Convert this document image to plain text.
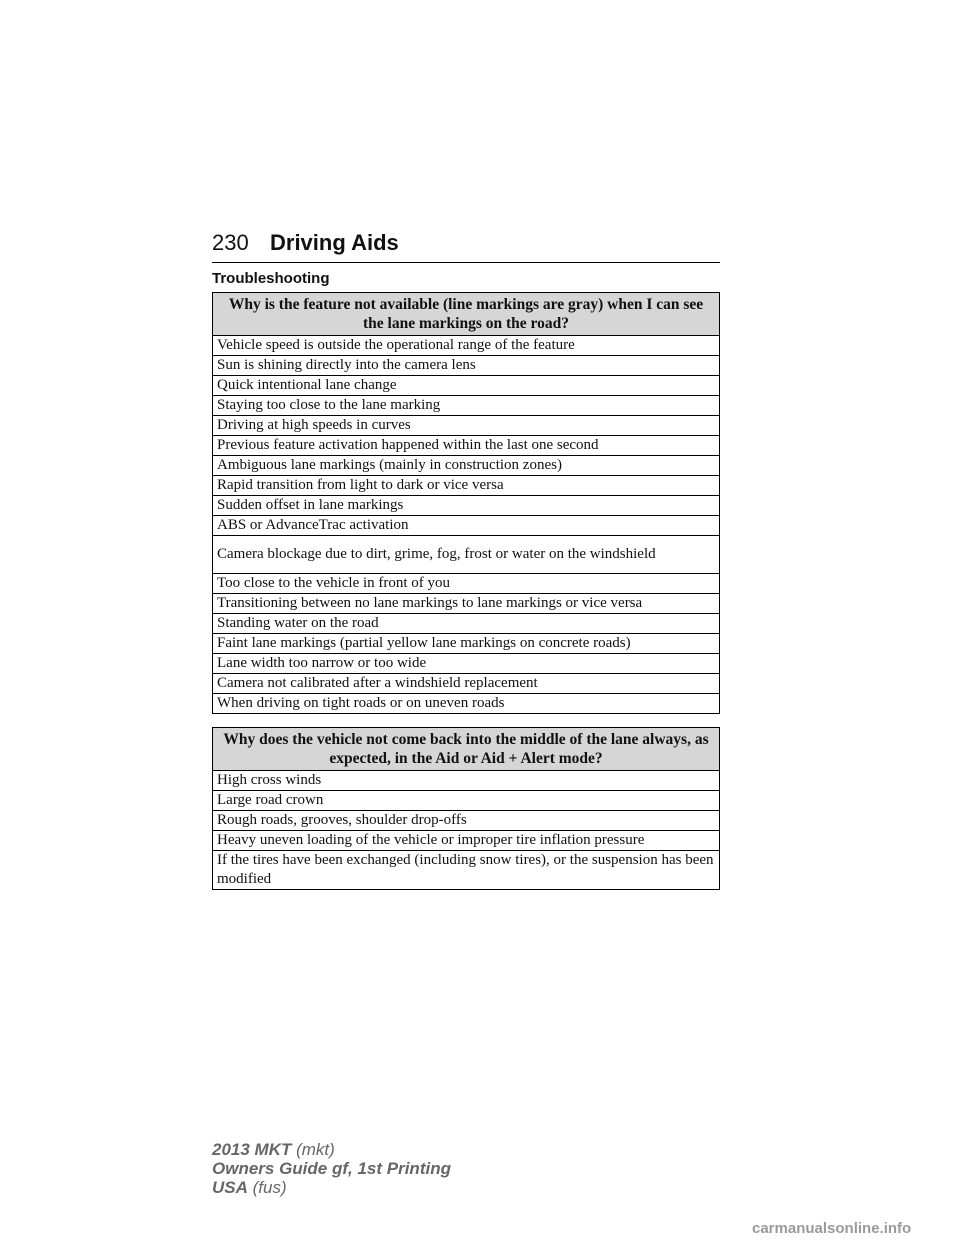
230 Driving Aids
Troubleshooting
Why is the feature not available (line markings are gray) when I can see the lane markings on the road?
Vehicle speed is outside the operational range of the feature
Sun is shining directly into the camera lens
Quick intentional lane change
Staying too close to the lane marking
Driving at high speeds in curves
Previous feature activation happened within the last one second
Ambiguous lane markings (mainly in construction zones)
Rapid transition from light to dark or vice versa
Sudden offset in lane markings
ABS or AdvanceTrac activation
Camera blockage due to dirt, grime, fog, frost or water on the windshield
Too close to the vehicle in front of you
Transitioning between no lane markings to lane markings or vice versa
Standing water on the road
Faint lane markings (partial yellow lane markings on concrete roads)
Lane width too narrow or too wide
Camera not calibrated after a windshield replacement
When driving on tight roads or on uneven roads
Why does the vehicle not come back into the middle of the lane always, as expected, in the Aid or Aid + Alert mode?
High cross winds
Large road crown
Rough roads, grooves, shoulder drop-offs
Heavy uneven loading of the vehicle or improper tire inflation pressure
If the tires have been exchanged (including snow tires), or the suspension has been modified
2013 MKT (mkt)
Owners Guide gf, 1st Printing
USA (fus)
carmanualsonline.info
